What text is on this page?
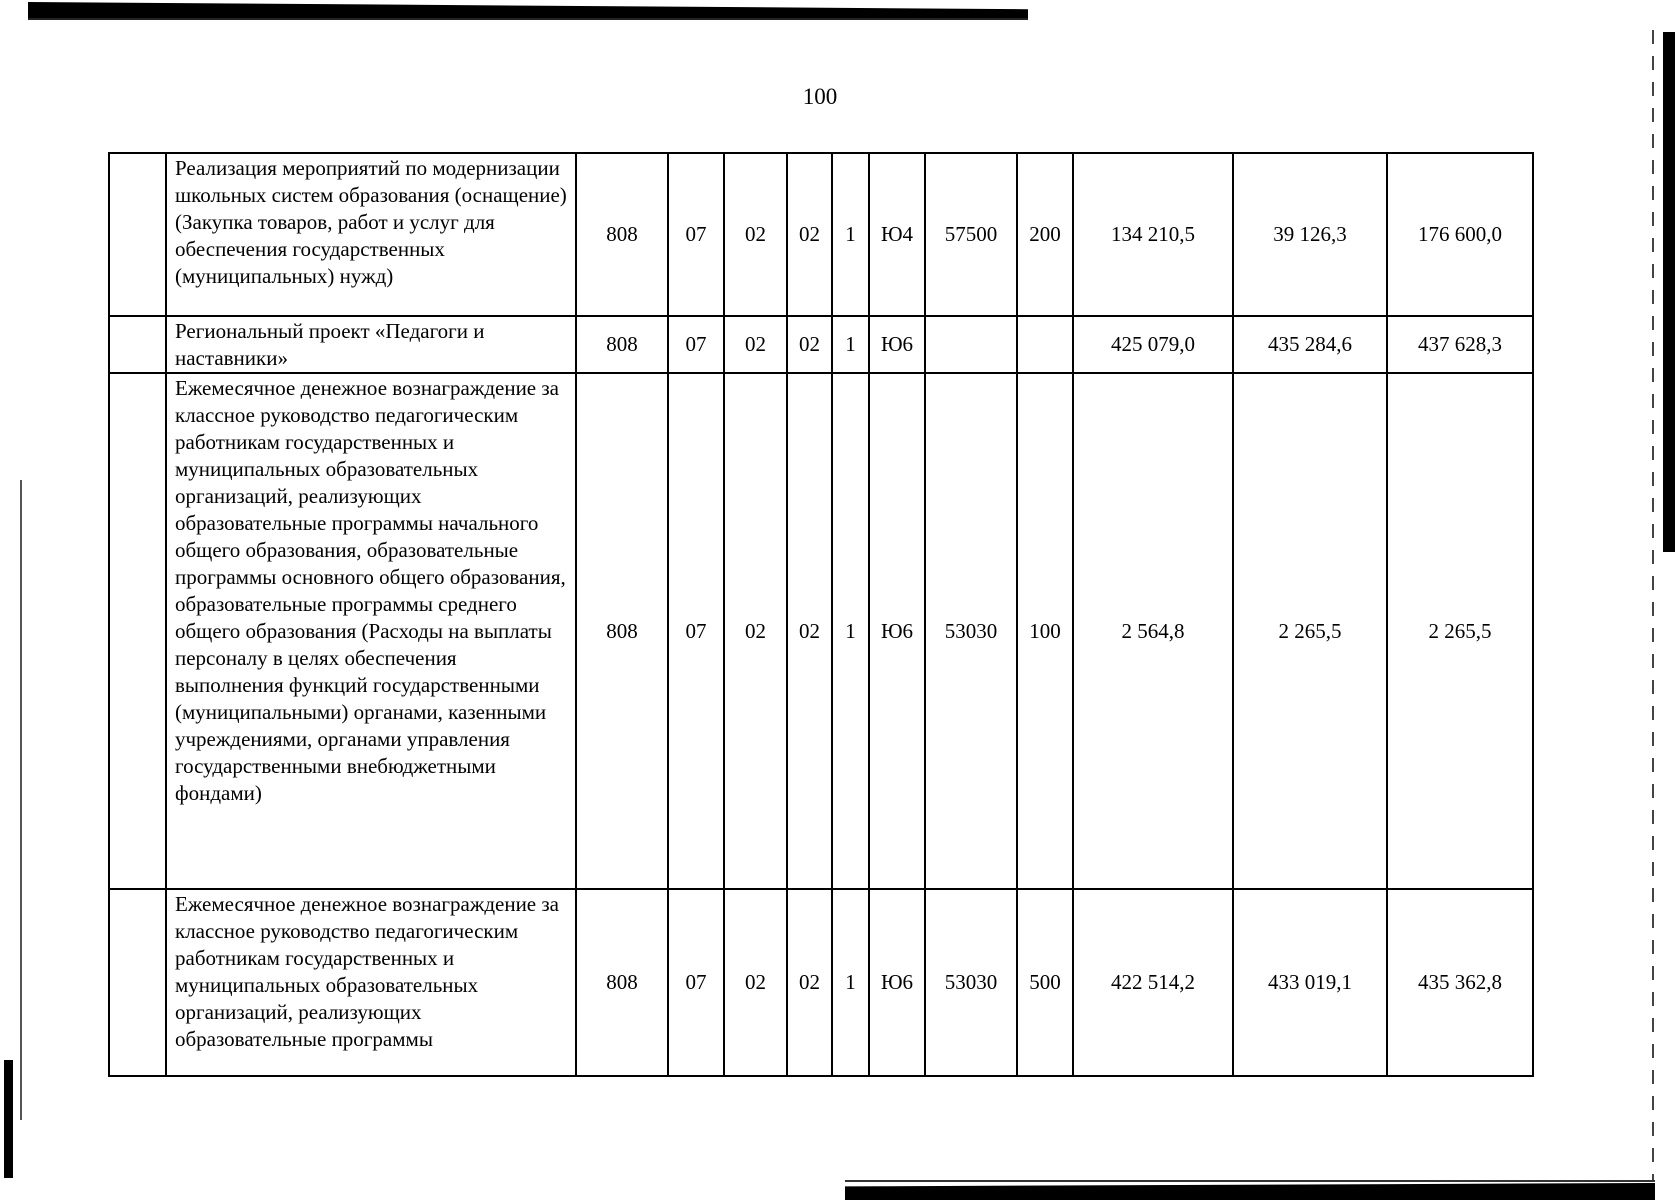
100
	Реализация мероприятий по модернизации школьных систем образования (оснащение) (Закупка товаров, работ и услуг для обеспечения государственных (муниципальных) нужд)	808	07	02	02	1	Ю4	57500	200	134 210,5	39 126,3	176 600,0
	Региональный проект «Педагоги и наставники»	808	07	02	02	1	Ю6			425 079,0	435 284,6	437 628,3
	Ежемесячное денежное вознаграждение за классное руководство педагогическим работникам государственных и муниципальных образовательных организаций, реализующих образовательные программы начального общего образования, образовательные программы основного общего образования, образовательные программы среднего общего образования (Расходы на выплаты персоналу в целях обеспечения выполнения функций государственными (муниципальными) органами, казенными учреждениями, органами управления государственными внебюджетными фондами)	808	07	02	02	1	Ю6	53030	100	2 564,8	2 265,5	2 265,5
	Ежемесячное денежное вознаграждение за классное руководство педагогическим работникам государственных и муниципальных образовательных организаций, реализующих образовательные программы	808	07	02	02	1	Ю6	53030	500	422 514,2	433 019,1	435 362,8
